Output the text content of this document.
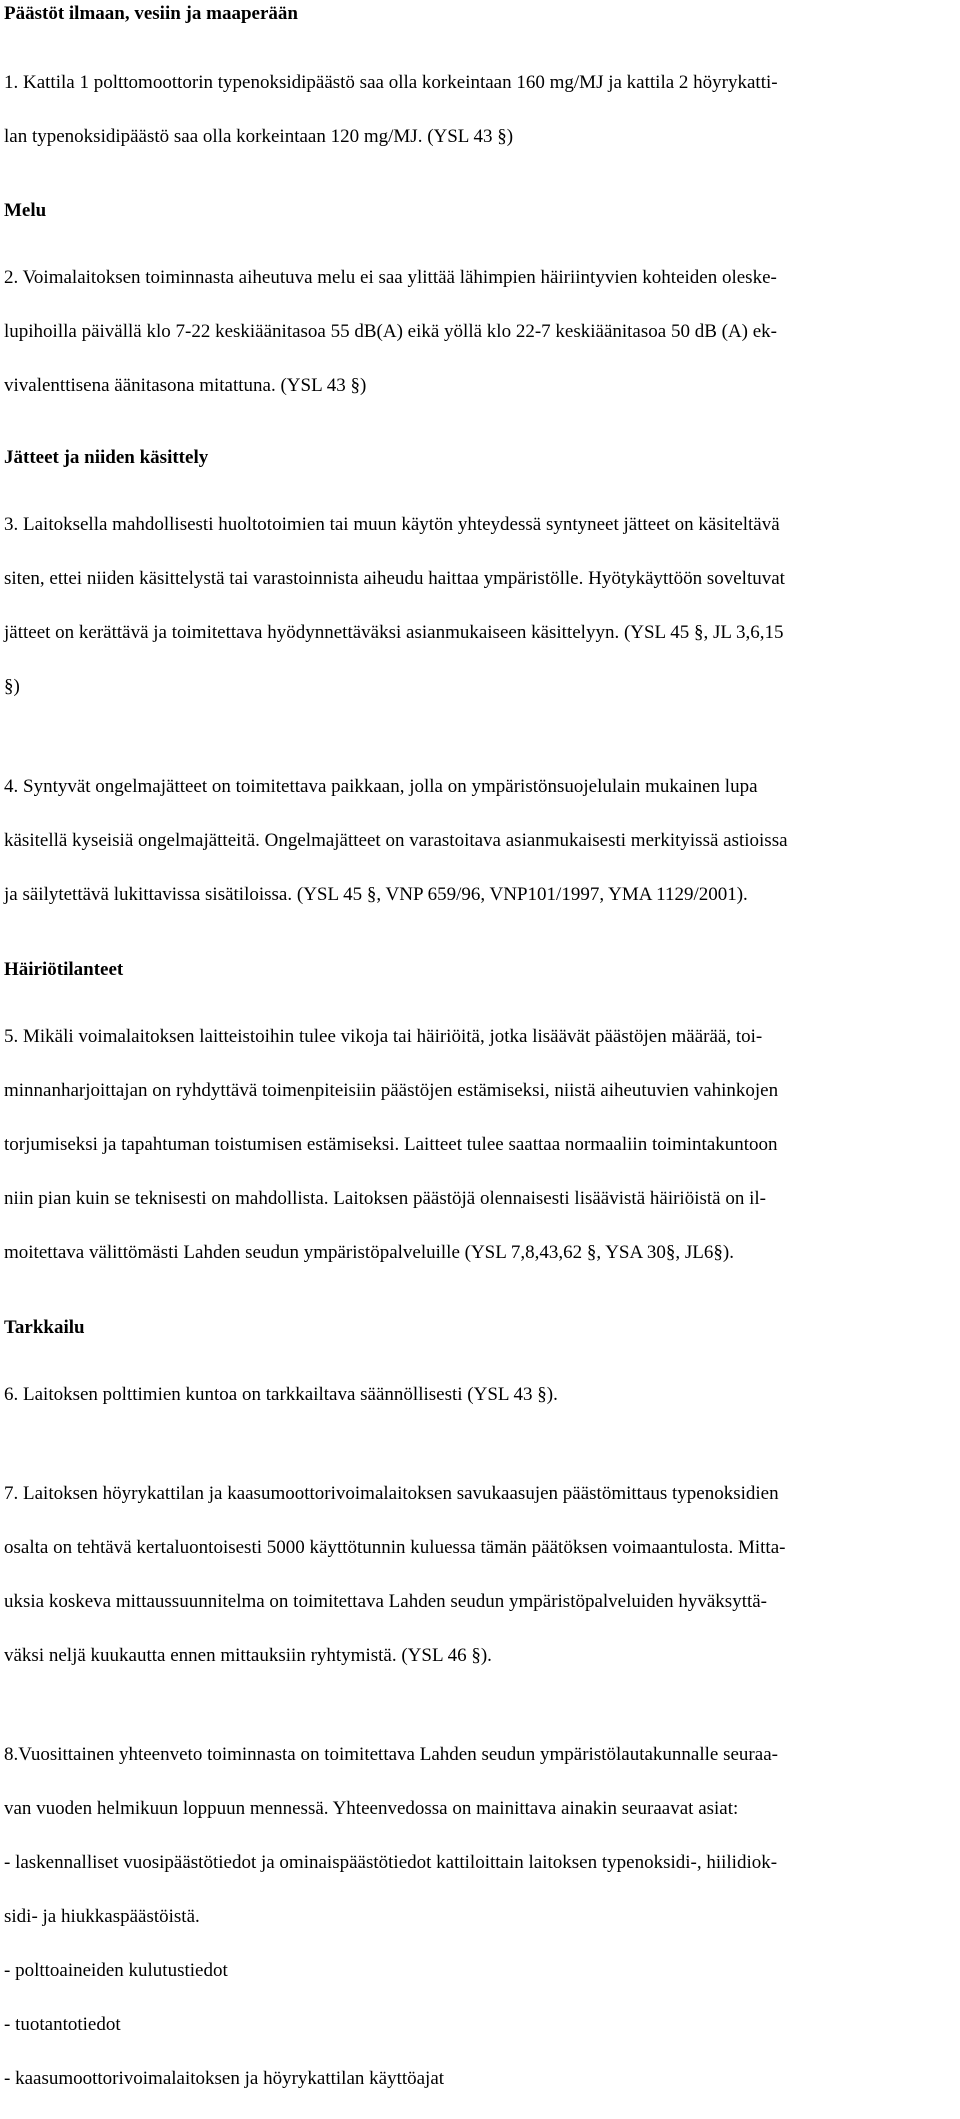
Päästöt ilmaan, vesiin ja maaperään

1. Kattila 1 polttomoottorin typenoksidipäästö saa olla korkeintaan 160 mg/MJ ja kattila 2 höyrykatti-

lan typenoksidipäästö saa olla korkeintaan 120 mg/MJ. (YSL 43 §)

Melu

2. Voimalaitoksen toiminnasta aiheutuva melu ei saa ylittää lähimpien häiriintyvien kohteiden oleske-

lupihoilla päivällä klo 7-22 keskiäänitasoa 55 dB(A) eikä yöllä klo 22-7 keskiäänitasoa 50 dB (A) ek-

vivalenttisena äänitasona mitattuna. (YSL 43 §)

Jätteet ja niiden käsittely

3. Laitoksella mahdollisesti huoltotoimien tai muun käytön yhteydessä syntyneet jätteet on käsiteltävä

siten, ettei niiden käsittelystä tai varastoinnista aiheudu haittaa ympäristölle. Hyötykäyttöön soveltuvat

jätteet on kerättävä ja toimitettava hyödynnettäväksi asianmukaiseen käsittelyyn. (YSL 45 §, JL 3,6,15

§)

4. Syntyvät ongelmajätteet on toimitettava paikkaan, jolla on ympäristönsuojelulain mukainen lupa

käsitellä kyseisiä ongelmajätteitä. Ongelmajätteet on varastoitava asianmukaisesti merkityissä astioissa

ja säilytettävä lukittavissa sisätiloissa. (YSL 45 §, VNP 659/96, VNP101/1997, YMA 1129/2001).

Häiriötilanteet

5. Mikäli voimalaitoksen laitteistoihin tulee vikoja tai häiriöitä, jotka lisäävät päästöjen määrää, toi-

minnanharjoittajan on ryhdyttävä toimenpiteisiin päästöjen estämiseksi, niistä aiheutuvien vahinkojen

torjumiseksi ja tapahtuman toistumisen estämiseksi. Laitteet tulee saattaa normaaliin toimintakuntoon

niin pian kuin se teknisesti on mahdollista. Laitoksen päästöjä olennaisesti lisäävistä häiriöistä on il-

moitettava välittömästi Lahden seudun ympäristöpalveluille (YSL 7,8,43,62 §, YSA 30§, JL6§).

Tarkkailu

6. Laitoksen polttimien kuntoa on tarkkailtava säännöllisesti (YSL 43 §).

7. Laitoksen höyrykattilan ja kaasumoottorivoimalaitoksen savukaasujen päästömittaus typenoksidien

osalta on tehtävä kertaluontoisesti 5000 käyttötunnin kuluessa tämän päätöksen voimaantulosta. Mitta-

uksia koskeva mittaussuunnitelma on toimitettava Lahden seudun ympäristöpalveluiden hyväksyttä-

väksi neljä kuukautta ennen mittauksiin ryhtymistä. (YSL 46 §).

8.Vuosittainen yhteenveto toiminnasta on toimitettava Lahden seudun ympäristölautakunnalle seuraa-

van vuoden helmikuun loppuun mennessä. Yhteenvedossa on mainittava ainakin seuraavat asiat:

- laskennalliset vuosipäästötiedot ja ominaispäästötiedot kattiloittain laitoksen typenoksidi-, hiilidiok-

sidi- ja hiukkaspäästöistä.

- polttoaineiden kulutustiedot

- tuotantotiedot

- kaasumoottorivoimalaitoksen ja höyrykattilan käyttöajat
